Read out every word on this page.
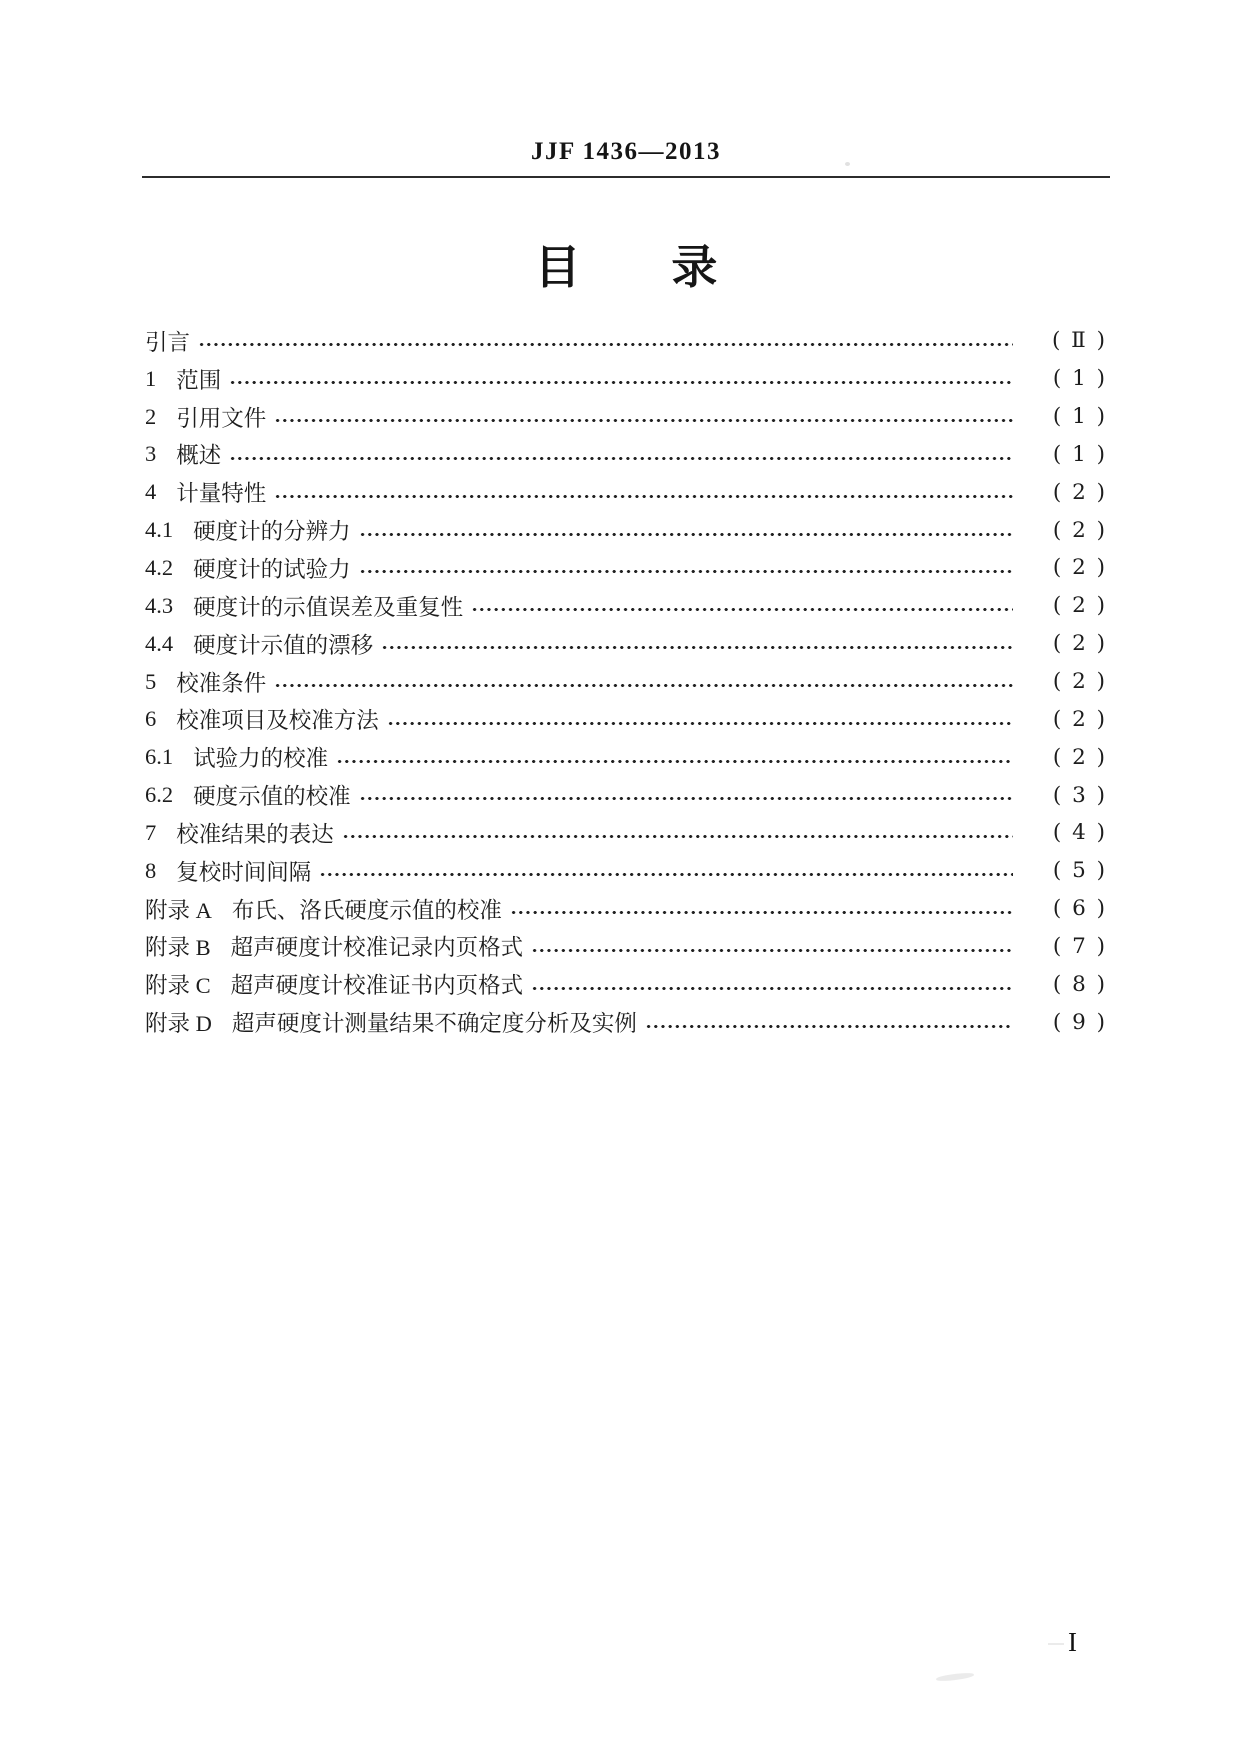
JJF 1436—2013
目 录
引言	( Ⅱ )
1 范围	( 1 )
2 引用文件	( 1 )
3 概述	( 1 )
4 计量特性	( 2 )
4.1 硬度计的分辨力	( 2 )
4.2 硬度计的试验力	( 2 )
4.3 硬度计的示值误差及重复性	( 2 )
4.4 硬度计示值的漂移	( 2 )
5 校准条件	( 2 )
6 校准项目及校准方法	( 2 )
6.1 试验力的校准	( 2 )
6.2 硬度示值的校准	( 3 )
7 校准结果的表达	( 4 )
8 复校时间间隔	( 5 )
附录 A 布氏、洛氏硬度示值的校准	( 6 )
附录 B 超声硬度计校准记录内页格式	( 7 )
附录 C 超声硬度计校准证书内页格式	( 8 )
附录 D 超声硬度计测量结果不确定度分析及实例	( 9 )
I
